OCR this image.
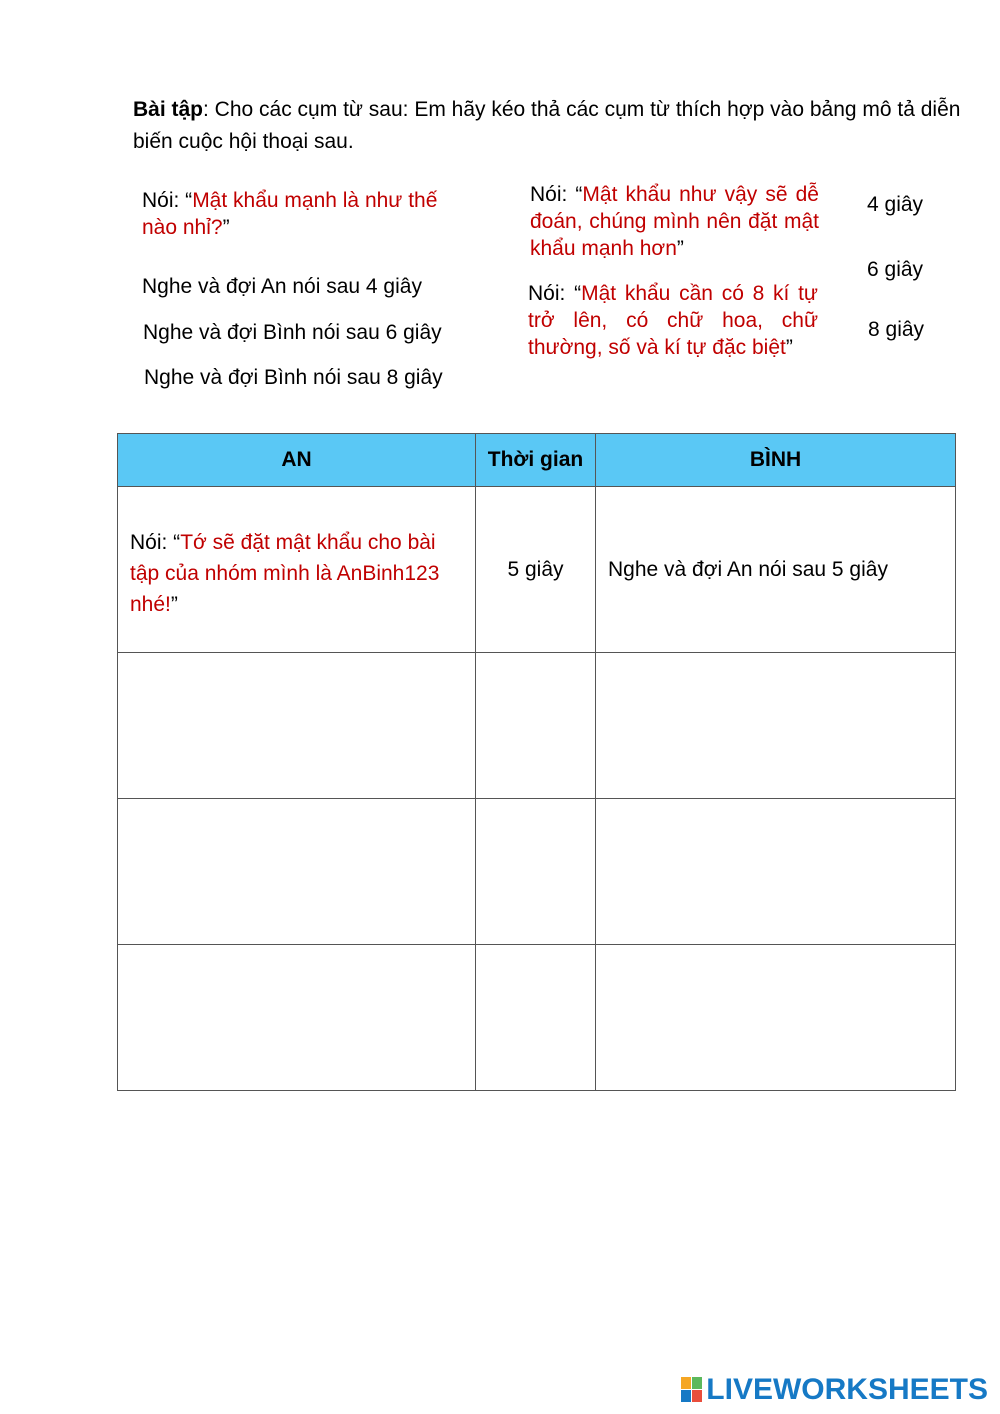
Bài tập: Cho các cụm từ sau: Em hãy kéo thả các cụm từ thích hợp vào bảng mô tả diễn biến cuộc hội thoại sau.
Nói: “Mật khẩu mạnh là như thế nào nhỉ?”
Nghe và đợi An nói sau 4 giây
Nghe và đợi Bình nói sau 6 giây
Nghe và đợi Bình nói sau 8 giây
Nói: “Mật khẩu như vậy sẽ dễ đoán, chúng mình nên đặt mật khẩu mạnh hơn”
Nói: “Mật khẩu cần có 8 kí tự trở lên, có chữ hoa, chữ thường, số và kí tự đặc biệt”
4 giây
6 giây
8 giây
AN	Thời gian	BÌNH

Nói: “Tớ sẽ đặt mật khẩu cho bài tập của nhóm mình là AnBinh123 nhé!”	5 giây	Nghe và đợi An nói sau 5 giây

LIVEWORKSHEETS
